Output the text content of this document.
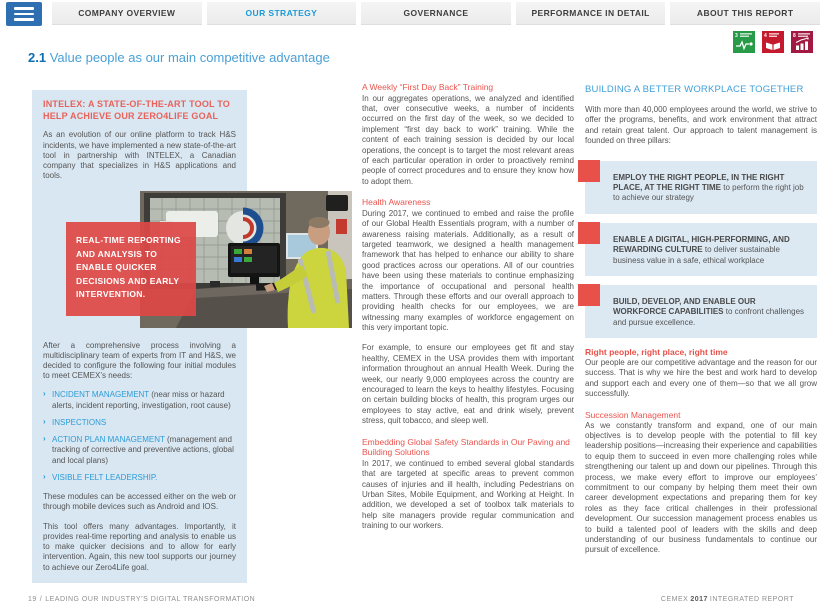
COMPANY OVERVIEW	OUR STRATEGY	GOVERNANCE	PERFORMANCE IN DETAIL	ABOUT THIS REPORT
3	4	8
2.1 Value people as our main competitive advantage
INTELEX: A STATE-OF-THE-ART TOOL TO HELP ACHIEVE OUR ZERO4LIFE GOAL

As an evolution of our online platform to track H&S incidents, we have implemented a new state-of-the-art tool in partnership with INTELEX, a Canadian company that specializes in H&S applications and tools.

After a comprehensive process involving a multidisciplinary team of experts from IT and H&S, we decided to configure the following four initial modules to meet CEMEX’s needs:

› INCIDENT MANAGEMENT (near miss or hazard alerts, incident reporting, investigation, root cause)
› INSPECTIONS
› ACTION PLAN MANAGEMENT (management and tracking of corrective and preventive actions, global and local plans)
› VISIBLE FELT LEADERSHIP.

These modules can be accessed either on the web or through mobile devices such as Android and IOS.

This tool offers many advantages. Importantly, it provides real-time reporting and analysis to enable us to make quicker decisions and to allow for early intervention. Again, this new tool supports our journey to achieve our Zero4Life goal.

REAL-TIME REPORTING AND ANALYSIS TO ENABLE QUICKER DECISIONS AND EARLY INTERVENTION.
A Weekly “First Day Back” Training

In our aggregates operations, we analyzed and identified that, over consecutive weeks, a number of incidents occurred on the first day of the week, so we decided to implement “first day back to work” training. While the content of each training session is decided by our local operations, the concept is to target the most relevant areas of each particular operation in order to proactively remind people of correct procedures and to ensure they know how to adopt them.

Health Awareness

During 2017, we continued to embed and raise the profile of our Global Health Essentials program, with a number of awareness raising materials. Additionally, as a result of targeted teamwork, we designed a health management framework that has helped to enhance our ability to share good practices across our operations. All of our countries have been using these materials to continue emphasizing the importance of occupational and personal health matters. Through these efforts and our overall approach to providing health checks for our employees, we are witnessing many examples of workforce engagement on this very important topic.

For example, to ensure our employees get fit and stay healthy, CEMEX in the USA provides them with important information throughout an annual Health Week. During the week, our nearly 9,000 employees across the country are encouraged to learn the keys to healthy lifestyles. Focusing on certain building blocks of health, this program urges our employees to stay active, eat and drink wisely, prevent stress, quit tobacco, and sleep well.

Embedding Global Safety Standards in Our Paving and Building Solutions

In 2017, we continued to embed several global standards that are targeted at specific areas to prevent common causes of injuries and ill health, including Pedestrians on Urban Sites, Mobile Equipment, and Working at Height. In addition, we developed a set of toolbox talk materials to help site managers provide regular communication and training to our workers.

BUILDING A BETTER WORKPLACE TOGETHER

With more than 40,000 employees around the world, we strive to offer the programs, benefits, and work environment that attract and retain great talent. Our approach to talent management is founded on three pillars:

EMPLOY THE RIGHT PEOPLE, IN THE RIGHT PLACE, AT THE RIGHT TIME to perform the right job to achieve our strategy

ENABLE A DIGITAL, HIGH-PERFORMING, AND REWARDING CULTURE to deliver sustainable business value in a safe, ethical workplace

BUILD, DEVELOP, AND ENABLE OUR WORKFORCE CAPABILITIES to confront challenges and pursue excellence.

Right people, right place, right time

Our people are our competitive advantage and the reason for our success. That is why we hire the best and work hard to develop and support each and every one of them—so that we all grow successfully.

Succession Management

As we constantly transform and expand, one of our main objectives is to develop people with the potential to fill key leadership positions—increasing their experience and capabilities to equip them to succeed in even more challenging roles while strengthening our talent up and down our pipelines. Through this process, we make every effort to improve our employees’ commitment to our company by helping them meet their own career development expectations and preparing them for key roles as they face critical challenges in their professional development. Our succession management process enables us to build a talented pool of leaders with the skills and deep understanding of our business fundamentals to continue our pursuit of excellence.

19 / LEADING OUR INDUSTRY’S DIGITAL TRANSFORMATION	CEMEX 2017 INTEGRATED REPORT
